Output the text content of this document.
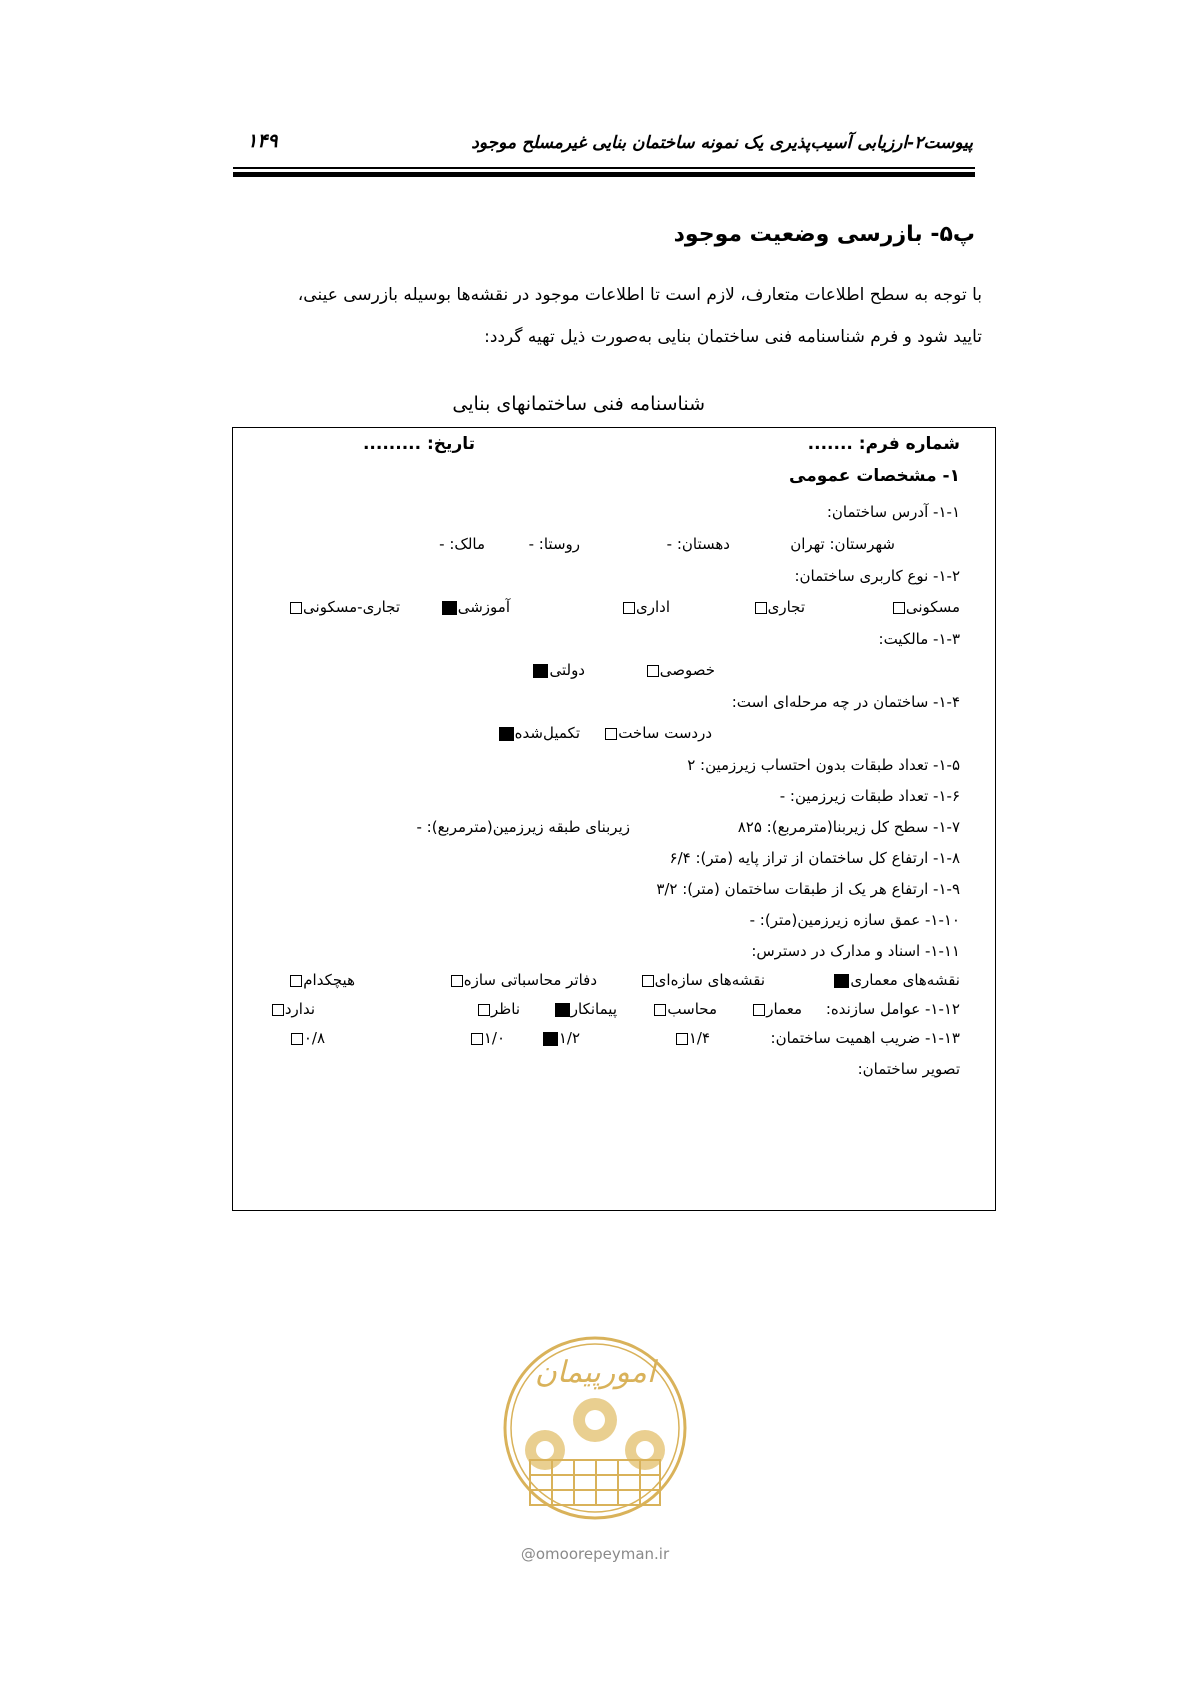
پیوست۲-ارزیابی آسیب‌پذیری یک نمونه ساختمان بنایی غیرمسلح موجود
۱۴۹
پ۵- بازرسی وضعیت موجود
با توجه به سطح اطلاعات متعارف، لازم است تا اطلاعات موجود در نقشه‌ها بوسیله بازرسی عینی،
تایید شود و فرم شناسنامه فنی ساختمان بنایی به‌صورت ذیل تهیه گردد:
شناسنامه فنی ساختمانهای بنایی
شماره فرم: .......
تاریخ: .........
۱- مشخصات عمومی
۱-۱- آدرس ساختمان:
شهرستان: تهران
دهستان: -
روستا: -
مالک: -
۱-۲- نوع کاربری ساختمان:
مسکونی
تجاری
اداری
آموزشی
تجاری-مسکونی
۱-۳- مالکیت:
خصوصی
دولتی
۱-۴- ساختمان در چه مرحله‌ای است:
دردست ساخت
تکمیل‌شده
۱-۵- تعداد طبقات بدون احتساب زیرزمین: ۲
۱-۶- تعداد طبقات زیرزمین: -
۱-۷- سطح کل زیربنا(مترمربع): ۸۲۵
زیربنای طبقه زیرزمین(مترمربع): -
۱-۸- ارتفاع کل ساختمان از تراز پایه (متر): ۶/۴
۱-۹- ارتفاع هر یک از طبقات ساختمان (متر): ۳/۲
۱-۱۰- عمق سازه زیرزمین(متر): -
۱-۱۱- اسناد و مدارک در دسترس:
نقشه‌های معماری
نقشه‌های سازه‌ای
دفاتر محاسباتی سازه
هیچکدام
۱-۱۲- عوامل سازنده:
معمار
محاسب
پیمانکار
ناظر
ندارد
۱-۱۳- ضریب اهمیت ساختمان:
۱/۴
۱/۲
۱/۰
۰/۸
تصویر ساختمان:
امورپیمان
@omoorepeyman.ir
